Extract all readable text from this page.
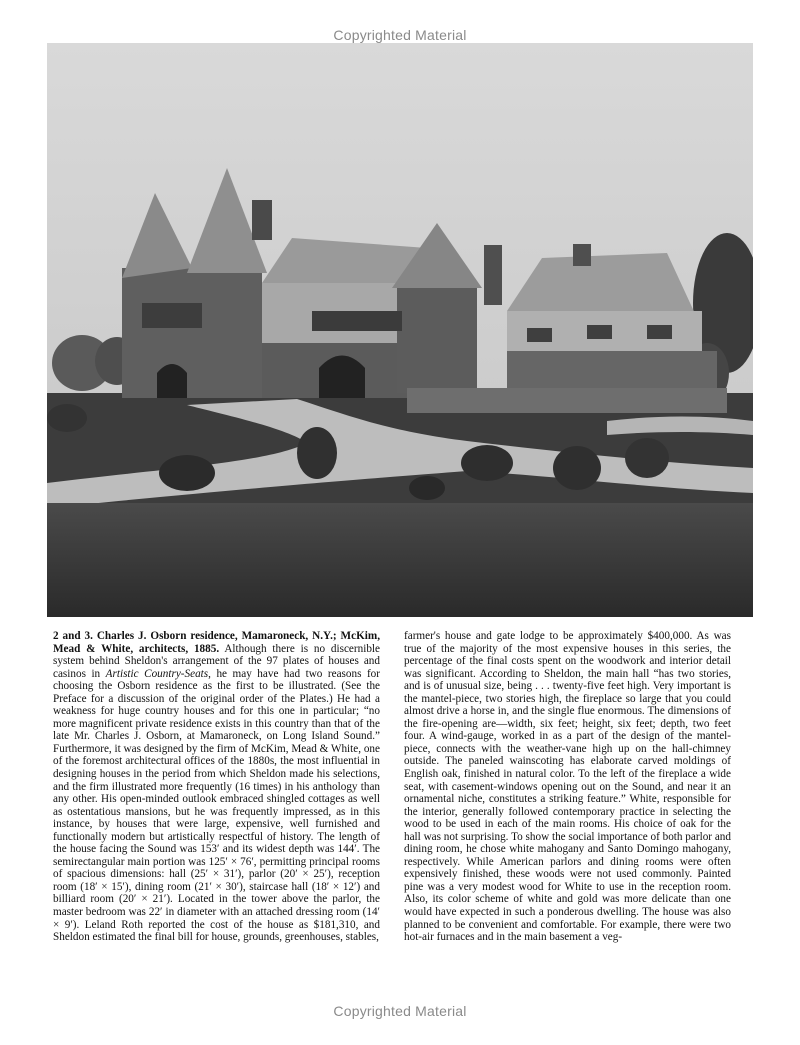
Copyrighted Material

2 and 3. Charles J. Osborn residence, Mamaroneck, N.Y.; McKim, Mead & White, architects, 1885. Although there is no discernible system behind Sheldon's arrangement of the 97 plates of houses and casinos in Artistic Country-Seats, he may have had two reasons for choosing the Osborn residence as the first to be illustrated. (See the Preface for a discussion of the original order of the Plates.) He had a weakness for huge country houses and for this one in particular; “no more magnificent private residence exists in this country than that of the late Mr. Charles J. Osborn, at Mamaroneck, on Long Island Sound.” Furthermore, it was designed by the firm of McKim, Mead & White, one of the foremost architectural offices of the 1880s, the most influential in designing houses in the period from which Sheldon made his selections, and the firm illustrated more frequently (16 times) in his anthology than any other. His open-minded outlook embraced shingled cottages as well as ostentatious mansions, but he was frequently impressed, as in this instance, by houses that were large, expensive, well furnished and functionally modern but artistically respectful of history. The length of the house facing the Sound was 153′ and its widest depth was 144′. The semirectangular main portion was 125′ × 76′, permitting principal rooms of spacious dimensions: hall (25′ × 31′), parlor (20′ × 25′), reception room (18′ × 15′), dining room (21′ × 30′), staircase hall (18′ × 12′) and billiard room (20′ × 21′). Located in the tower above the parlor, the master bedroom was 22′ in diameter with an attached dressing room (14′ × 9′). Leland Roth reported the cost of the house as $181,310, and Sheldon estimated the final bill for house, grounds, greenhouses, stables,

farmer's house and gate lodge to be approximately $400,000. As was true of the majority of the most expensive houses in this series, the percentage of the final costs spent on the woodwork and interior detail was significant. According to Sheldon, the main hall “has two stories, and is of unusual size, being . . . twenty-five feet high. Very important is the mantel-piece, two stories high, the fireplace so large that you could almost drive a horse in, and the single flue enormous. The dimensions of the fire-opening are—width, six feet; height, six feet; depth, two feet four. A wind-gauge, worked in as a part of the design of the mantel-piece, connects with the weather-vane high up on the hall-chimney outside. The paneled wainscoting has elaborate carved moldings of English oak, finished in natural color. To the left of the fireplace a wide seat, with casement-windows opening out on the Sound, and near it an ornamental niche, constitutes a striking feature.” White, responsible for the interior, generally followed contemporary practice in selecting the wood to be used in each of the main rooms. His choice of oak for the hall was not surprising. To show the social importance of both parlor and dining room, he chose white mahogany and Santo Domingo mahogany, respectively. While American parlors and dining rooms were often expensively finished, these woods were not used commonly. Painted pine was a very modest wood for White to use in the reception room. Also, its color scheme of white and gold was more delicate than one would have expected in such a ponderous dwelling. The house was also planned to be convenient and comfortable. For example, there were two hot-air furnaces and in the main basement a veg-

Copyrighted Material
